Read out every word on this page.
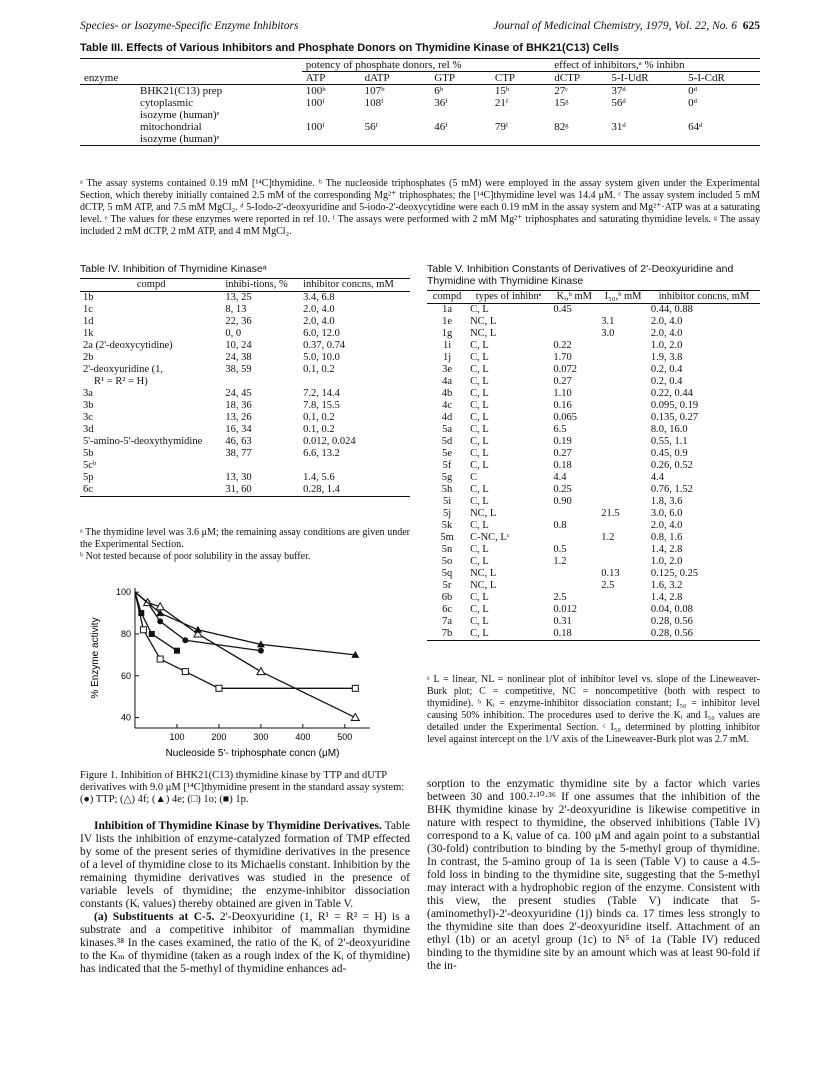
Species- or Isozyme-Specific Enzyme Inhibitors	Journal of Medicinal Chemistry, 1979, Vol. 22, No. 6 625
Table III. Effects of Various Inhibitors and Phosphate Donors on Thymidine Kinase of BHK21(C13) Cells
	potency of phosphate donors, rel %				effect of inhibitors,ᵃ % inhibn		
enzyme	ATP	dATP	GTP	CTP	dCTP	5-I-UdR	5-I-CdR
BHK21(C13) prep	100ᵇ	107ᵇ	6ᵇ	15ᵇ	27ᶜ	37ᵈ	0ᵈ
cytoplasmic	100ᶠ	108ᶠ	36ᶠ	21ᶠ	15ᵍ	56ᵈ	0ᵈ
isozyme (human)ᵉ							
mitochondrial	100ᶠ	56ᶠ	46ᶠ	79ᶠ	82ᵍ	31ᵈ	64ᵈ
isozyme (human)ᵉ							
ᵃ The assay systems contained 0.19 mM [¹⁴C]thymidine. ᵇ The nucleoside triphosphates (5 mM) were employed in the assay system given under the Experimental Section, which thereby initially contained 2.5 mM of the corresponding Mg²⁺ triphosphates; the [¹⁴C]thymidine level was 14.4 μM. ᶜ The assay system included 5 mM dCTP, 5 mM ATP, and 7.5 mM MgCl₂. ᵈ 5-Iodo-2'-deoxyuridine and 5-iodo-2'-deoxycytidine were each 0.19 mM in the assay system and Mg²⁺·ATP was at a saturating level. ᵉ The values for these enzymes were reported in ref 10. ᶠ The assays were performed with 2 mM Mg²⁺ triphosphates and saturating thymidine levels. ᵍ The assay included 2 mM dCTP, 2 mM ATP, and 4 mM MgCl₂.
Table IV. Inhibition of Thymidine Kinaseᵃ
compd	inhibi-tions, %	inhibitor concns, mM
1b	13, 25	3.4, 6.8
1c	8, 13	2.0, 4.0
1d	22, 36	2.0, 4.0
1k	0, 0	6.0, 12.0
2a (2'-deoxycytidine)	10, 24	0.37, 0.74
2b	24, 38	5.0, 10.0
2'-deoxyuridine (1,	38, 59	0.1, 0.2
R¹ = R² = H)		
3a	24, 45	7.2, 14.4
3b	18, 36	7.8, 15.5
3c	13, 26	0.1, 0.2
3d	16, 34	0.1, 0.2
5'-amino-5'-deoxythymidine	46, 63	0.012, 0.024
5b	38, 77	6.6, 13.2
5cᵇ		
5p	13, 30	1.4, 5.6
6c	31, 60	0.28, 1.4
ᵃ The thymidine level was 3.6 μM; the remaining assay conditions are given under the Experimental Section.
ᵇ Not tested because of poor solubility in the assay buffer.
Table V. Inhibition Constants of Derivatives of 2'-Deoxyuridine and Thymidine with Thymidine Kinase
compd	types of inhibnᵃ	Kᵢ,ᵇ mM	I₅₀,ᵇ mM	inhibitor concns, mM
1a	C, L	0.45		0.44, 0.88
1e	NC, L		3.1	2.0, 4.0
1g	NC, L		3.0	2.0, 4.0
1i	C, L	0.22		1.0, 2.0
1j	C, L	1.70		1.9, 3.8
3e	C, L	0.072		0.2, 0.4
4a	C, L	0.27		0.2, 0.4
4b	C, L	1.10		0.22, 0.44
4c	C, L	0.16		0.095, 0.19
4d	C, L	0.065		0.135, 0.27
5a	C, L	6.5		8.0, 16.0
5d	C, L	0.19		0.55, 1.1
5e	C, L	0.27		0.45, 0.9
5f	C, L	0.18		0.26, 0.52
5g	C	4.4		4.4
5h	C, L	0.25		0.76, 1.52
5i	C, L	0.90		1.8, 3.6
5j	NC, L		21.5	3.0, 6.0
5k	C, L	0.8		2.0, 4.0
5m	C-NC, Lᶜ		1.2	0.8, 1.6
5n	C, L	0.5		1.4, 2.8
5o	C, L	1.2		1.0, 2.0
5q	NC, L		0.13	0.125, 0.25
5r	NC, L		2.5	1.6, 3.2
6b	C, L	2.5		1.4, 2.8
6c	C, L	0.012		0.04, 0.08
7a	C, L	0.31		0.28, 0.56
7b	C, L	0.18		0.28, 0.56
ᵃ L = linear, NL = nonlinear plot of inhibitor level vs. slope of the Lineweaver-Burk plot; C = competitive, NC = noncompetitive (both with respect to thymidine). ᵇ Kᵢ = enzyme-inhibitor dissociation constant; I₅₀ = inhibitor level causing 50% inhibition. The procedures used to derive the Kᵢ and I₅₀ values are detailed under the Experimental Section. ᶜ I₅₀ determined by plotting inhibitor level against intercept on the 1/V axis of the Lineweaver-Burk plot was 2.7 mM.
100	200	300	400	500
40
60
80
100
Nucleoside 5'- triphosphate concn (μM)
% Enzyme activity
Figure 1. Inhibition of BHK21(C13) thymidine kinase by TTP and dUTP derivatives with 9.0 μM [¹⁴C]thymidine present in the standard assay system: (●) TTP; (△) 4f; (▲) 4e; (□) 1o; (■) 1p.
Inhibition of Thymidine Kinase by Thymidine Derivatives. Table IV lists the inhibition of enzyme-catalyzed formation of TMP effected by some of the present series of thymidine derivatives in the presence of a level of thymidine close to its Michaelis constant. Inhibition by the remaining thymidine derivatives was studied in the presence of variable levels of thymidine; the enzyme-inhibitor dissociation constants (Kᵢ values) thereby obtained are given in Table V.
(a) Substituents at C-5. 2'-Deoxyuridine (1, R¹ = R² = H) is a substrate and a competitive inhibitor of mammalian thymidine kinases.³⁸ In the cases examined, the ratio of the Kᵢ of 2'-deoxyuridine to the Kₘ of thymidine (taken as a rough index of the Kᵢ of thymidine) has indicated that the 5-methyl of thymidine enhances ad-
sorption to the enzymatic thymidine site by a factor which varies between 30 and 100.²·¹⁰·³⁶ If one assumes that the inhibition of the BHK thymidine kinase by 2'-deoxyuridine is likewise competitive in nature with respect to thymidine, the observed inhibitions (Table IV) correspond to a Kᵢ value of ca. 100 μM and again point to a substantial (30-fold) contribution to binding by the 5-methyl group of thymidine. In contrast, the 5-amino group of 1a is seen (Table V) to cause a 4.5-fold loss in binding to the thymidine site, suggesting that the 5-methyl may interact with a hydrophobic region of the enzyme. Consistent with this view, the present studies (Table V) indicate that 5-(aminomethyl)-2'-deoxyuridine (1j) binds ca. 17 times less strongly to the thymidine site than does 2'-deoxyuridine itself. Attachment of an ethyl (1b) or an acetyl group (1c) to N⁵ of 1a (Table IV) reduced binding to the thymidine site by an amount which was at least 90-fold if the in-
